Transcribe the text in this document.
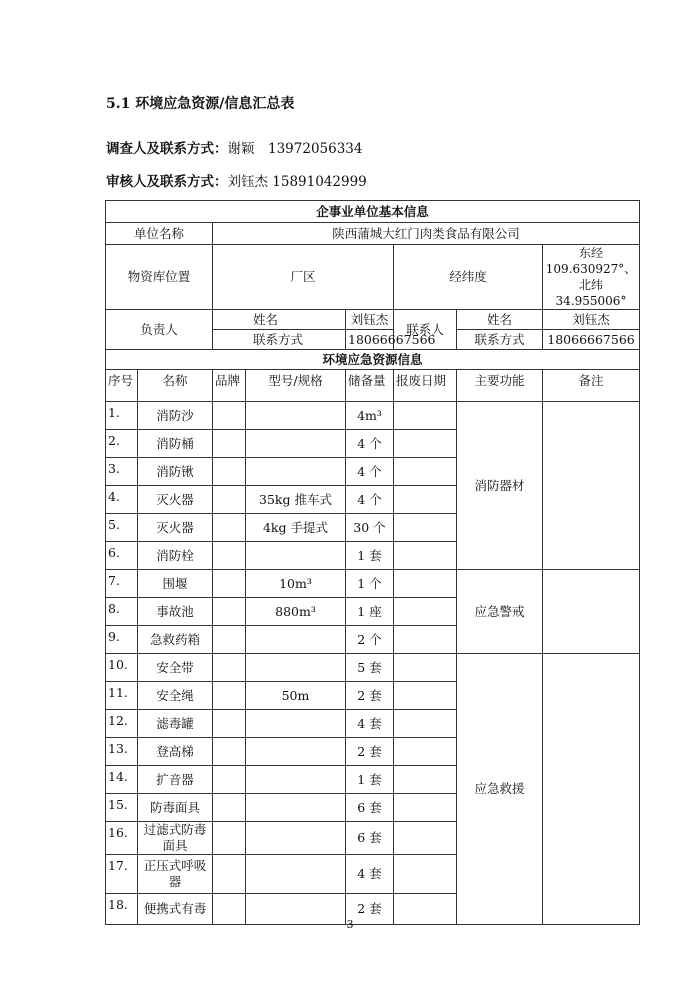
5.1 环境应急资源/信息汇总表
调查人及联系方式：谢颖　13972056334
审核人及联系方式：刘钰杰 15891042999
企事业单位基本信息							
单位名称		陕西蒲城大红门肉类食品有限公司					
物资库位置		厂区			经纬度		东经 109.630927°、北纬 34.955006°
负责人		姓名		刘钰杰	联系人	姓名	刘钰杰
		联系方式		18066667566		联系方式	18066667566
环境应急资源信息							
序号	名称	品牌	型号/规格	储备量	报废日期	主要功能	备注
1.	消防沙			4m³		消防器材	
2.	消防桶			4 个			
3.	消防锹			4 个			
4.	灭火器		35kg 推车式	4 个			
5.	灭火器		4kg 手提式	30 个			
6.	消防栓			1 套			
7.	围堰		10m³	1 个		应急警戒	
8.	事故池		880m³	1 座			
9.	急救药箱			2 个			
10.	安全带			5 套		应急救援	
11.	安全绳		50m	2 套			
12.	滤毒罐			4 套			
13.	登高梯			2 套			
14.	扩音器			1 套			
15.	防毒面具			6 套			
16.	过滤式防毒面具			6 套			
17.	正压式呼吸器			4 套			
18.	便携式有毒			2 套			
3
